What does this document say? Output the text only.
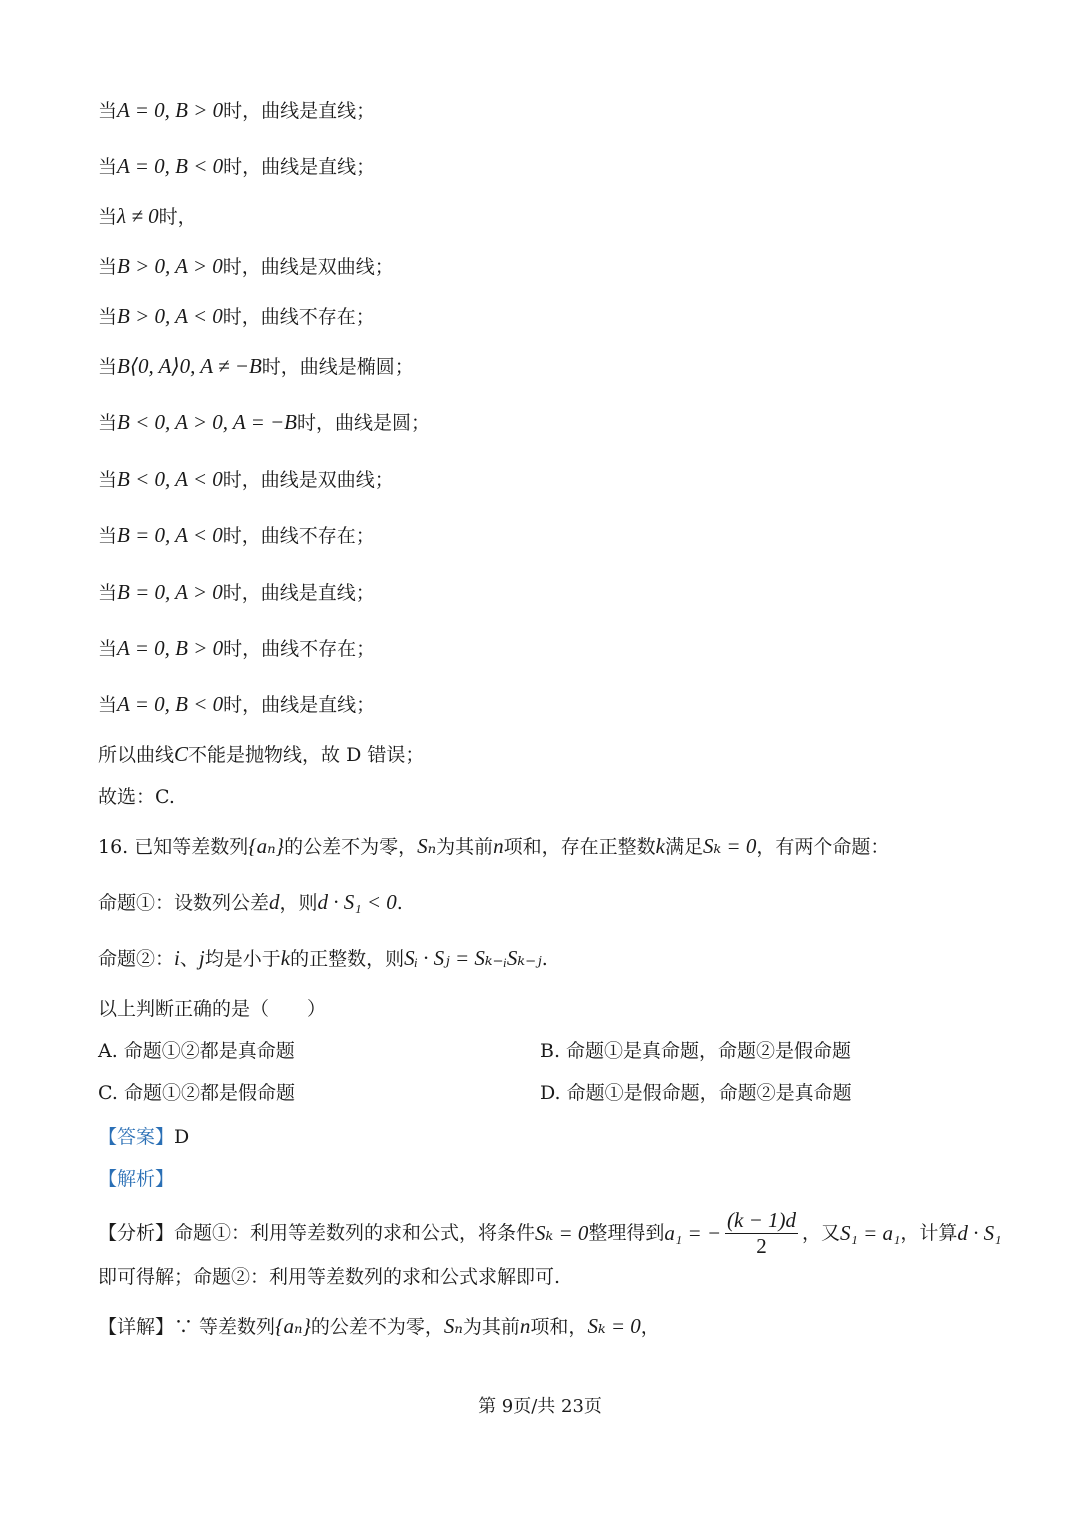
当A = 0, B > 0时，曲线是直线；
当A = 0, B < 0时，曲线是直线；
当λ ≠ 0时，
当B > 0, A > 0时，曲线是双曲线；
当B > 0, A < 0时，曲线不存在；
当B⟨0, A⟩0, A ≠ −B时，曲线是椭圆；
当B < 0, A > 0, A = −B时，曲线是圆；
当B < 0, A < 0时，曲线是双曲线；
当B = 0, A < 0时，曲线不存在；
当B = 0, A > 0时，曲线是直线；
当A = 0, B > 0时，曲线不存在；
当A = 0, B < 0时，曲线是直线；
所以曲线C不能是抛物线，故 D 错误；
故选：C.
16. 已知等差数列{aₙ}的公差不为零，Sₙ为其前n项和，存在正整数k满足Sₖ = 0，有两个命题：
命题①：设数列公差d，则d · S₁ < 0.
命题②：i、j均是小于k的正整数，则Sᵢ · Sⱼ = Sₖ₋ᵢSₖ₋ⱼ.
以上判断正确的是（　　）
A. 命题①②都是真命题	B. 命题①是真命题，命题②是假命题
C. 命题①②都是假命题	D. 命题①是假命题，命题②是真命题
【答案】D
【解析】
【分析】 命题①：利用等差数列的求和公式，将条件 Sₖ = 0 整理得到 a₁ = − $\frac{(k - 1)d}{2}$ ，又 S₁ = a₁ ，计算 d · S₁
即可得解；命题②：利用等差数列的求和公式求解即可.
【详解】∵ 等差数列{aₙ}的公差不为零，Sₙ为其前n项和，Sₖ = 0，
第 9页/共 23页
